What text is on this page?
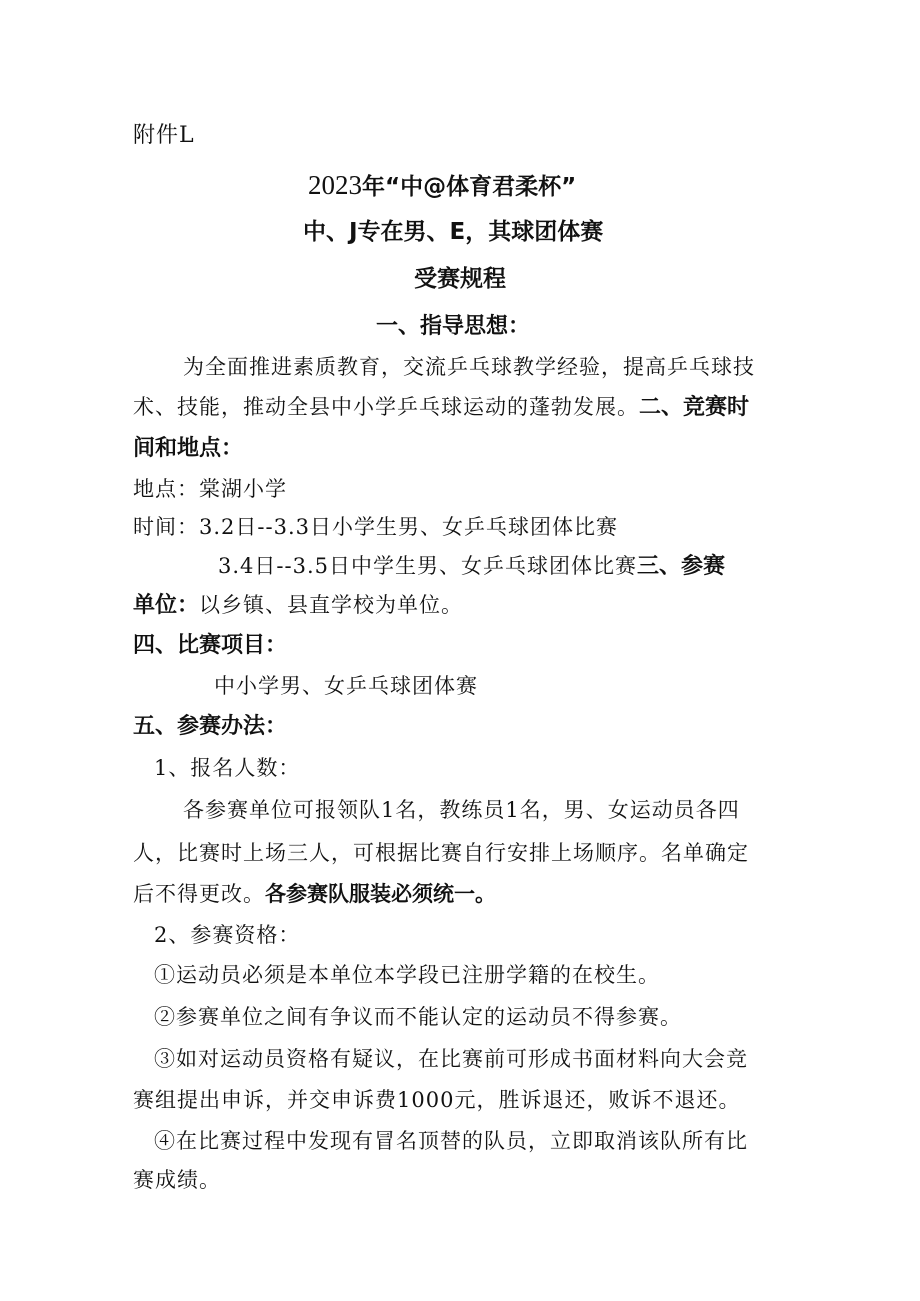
附件L
2023年“中@体育君柔杯”
中、J专在男、E，其球团体赛
受赛规程
一、指导思想：
为全面推进素质教育，交流乒乓球教学经验，提高乒乓球技
术、技能，推动全县中小学乒乓球运动的蓬勃发展。二、竞赛时
间和地点：
地点：棠湖小学
时间：3.2日--3.3日小学生男、女乒乓球团体比赛
3.4日--3.5日中学生男、女乒乓球团体比赛三、参赛
单位：以乡镇、县直学校为单位。
四、比赛项目：
中小学男、女乒乓球团体赛
五、参赛办法：
1、报名人数：
各参赛单位可报领队1名，教练员1名，男、女运动员各四
人，比赛时上场三人，可根据比赛自行安排上场顺序。名单确定
后不得更改。各参赛队服装必须统一。
2、参赛资格：
①运动员必须是本单位本学段已注册学籍的在校生。
②参赛单位之间有争议而不能认定的运动员不得参赛。
③如对运动员资格有疑议，在比赛前可形成书面材料向大会竞
赛组提出申诉，并交申诉费1000元，胜诉退还，败诉不退还。
④在比赛过程中发现有冒名顶替的队员，立即取消该队所有比
赛成绩。
